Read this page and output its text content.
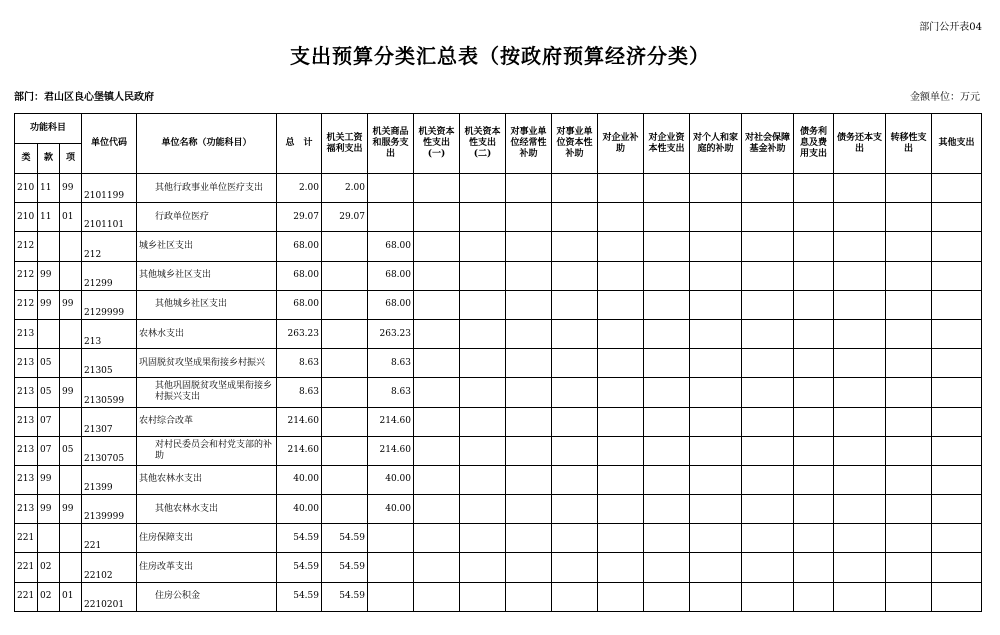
部门公开表04
支出预算分类汇总表（按政府预算经济分类）
部门：君山区良心堡镇人民政府	金额单位：万元
功能科目			单位代码	单位名称（功能科目）	总　计	机关工资福利支出	机关商品和服务支出	机关资本性支出(一)	机关资本性支出(二)	对事业单位经常性补助	对事业单位资本性补助	对企业补助	对企业资本性支出	对个人和家庭的补助	对社会保障基金补助	债务利息及费用支出	债务还本支出	转移性支出	其他支出
类	款	项																	
210	11	99	2101199	其他行政事业单位医疗支出	2.00	2.00													
210	11	01	2101101	行政单位医疗	29.07	29.07													
212			212	城乡社区支出	68.00		68.00												
212	99		21299	其他城乡社区支出	68.00		68.00												
212	99	99	2129999	其他城乡社区支出	68.00		68.00												
213			213	农林水支出	263.23		263.23												
213	05		21305	巩固脱贫攻坚成果衔接乡村振兴	8.63		8.63												
213	05	99	2130599	其他巩固脱贫攻坚成果衔接乡村振兴支出	8.63		8.63												
213	07		21307	农村综合改革	214.60		214.60												
213	07	05	2130705	对村民委员会和村党支部的补助	214.60		214.60												
213	99		21399	其他农林水支出	40.00		40.00												
213	99	99	2139999	其他农林水支出	40.00		40.00												
221			221	住房保障支出	54.59	54.59													
221	02		22102	住房改革支出	54.59	54.59													
221	02	01	2210201	住房公积金	54.59	54.59													
